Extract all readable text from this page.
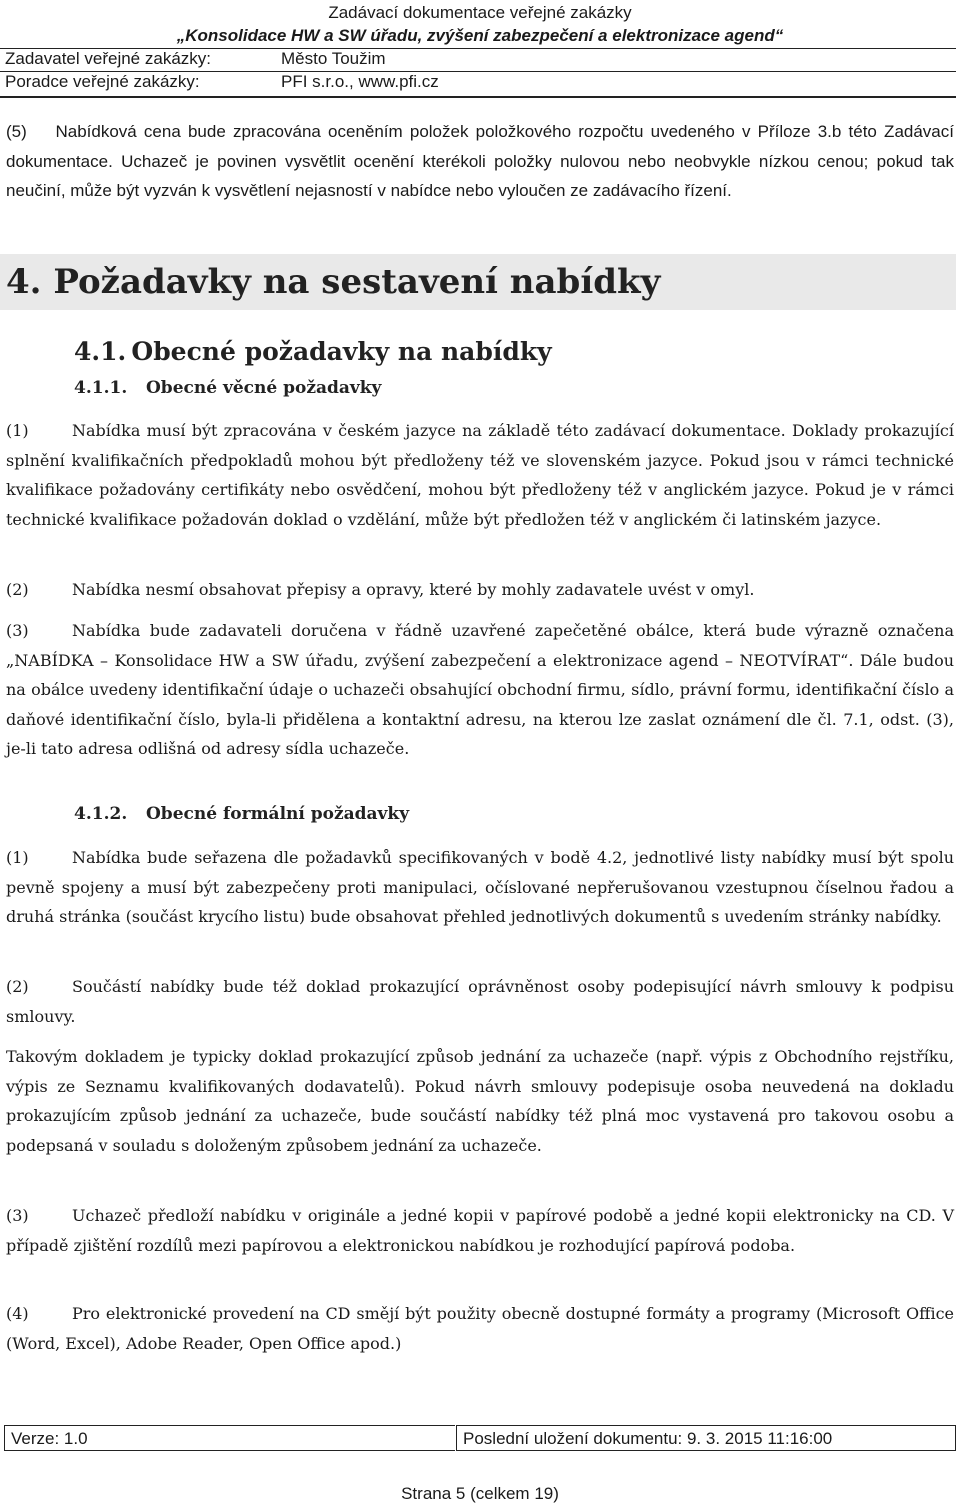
Zadávací dokumentace veřejné zakázky
„Konsolidace HW a SW úřadu, zvýšení zabezpečení a elektronizace agend“
Zadavatel veřejné zakázky:	Město Toužim
Poradce veřejné zakázky:	PFI s.r.o., www.pfi.cz

(5) Nabídková cena bude zpracována oceněním položek položkového rozpočtu uvedeného v Příloze 3.b této Zadávací dokumentace. Uchazeč je povinen vysvětlit ocenění kterékoli položky nulovou nebo neobvykle nízkou cenou; pokud tak neučiní, může být vyzván k vysvětlení nejasností v nabídce nebo vyloučen ze zadávacího řízení.

4. Požadavky na sestavení nabídky
4.1. Obecné požadavky na nabídky
4.1.1. Obecné věcné požadavky

(1)	Nabídka musí být zpracována v českém jazyce na základě této zadávací dokumentace. Doklady prokazující splnění kvalifikačních předpokladů mohou být předloženy též ve slovenském jazyce. Pokud jsou v rámci technické kvalifikace požadovány certifikáty nebo osvědčení, mohou být předloženy též v anglickém jazyce. Pokud je v rámci technické kvalifikace požadován doklad o vzdělání, může být předložen též v anglickém či latinském jazyce.

(2)	Nabídka nesmí obsahovat přepisy a opravy, které by mohly zadavatele uvést v omyl.

(3)	Nabídka bude zadavateli doručena v řádně uzavřené zapečetěné obálce, která bude výrazně označena „NABÍDKA – Konsolidace HW a SW úřadu, zvýšení zabezpečení a elektronizace agend – NEOTVÍRAT“. Dále budou na obálce uvedeny identifikační údaje o uchazeči obsahující obchodní firmu, sídlo, právní formu, identifikační číslo a daňové identifikační číslo, byla-li přidělena a kontaktní adresu, na kterou lze zaslat oznámení dle čl. 7.1, odst. (3), je-li tato adresa odlišná od adresy sídla uchazeče.

4.1.2. Obecné formální požadavky

(1)	Nabídka bude seřazena dle požadavků specifikovaných v bodě 4.2, jednotlivé listy nabídky musí být spolu pevně spojeny a musí být zabezpečeny proti manipulaci, očíslované nepřerušovanou vzestupnou číselnou řadou a druhá stránka (součást krycího listu) bude obsahovat přehled jednotlivých dokumentů s uvedením stránky nabídky.

(2)	Součástí nabídky bude též doklad prokazující oprávněnost osoby podepisující návrh smlouvy k podpisu smlouvy.

Takovým dokladem je typicky doklad prokazující způsob jednání za uchazeče (např. výpis z Obchodního rejstříku, výpis ze Seznamu kvalifikovaných dodavatelů). Pokud návrh smlouvy podepisuje osoba neuvedená na dokladu prokazujícím způsob jednání za uchazeče, bude součástí nabídky též plná moc vystavená pro takovou osobu a podepsaná v souladu s doloženým způsobem jednání za uchazeče.

(3)	Uchazeč předloží nabídku v originále a jedné kopii v papírové podobě a jedné kopii elektronicky na CD. V případě zjištění rozdílů mezi papírovou a elektronickou nabídkou je rozhodující papírová podoba.

(4)	Pro elektronické provedení na CD smějí být použity obecně dostupné formáty a programy (Microsoft Office (Word, Excel), Adobe Reader, Open Office apod.)

Verze: 1.0	Poslední uložení dokumentu: 9. 3. 2015 11:16:00
Strana 5 (celkem 19)
